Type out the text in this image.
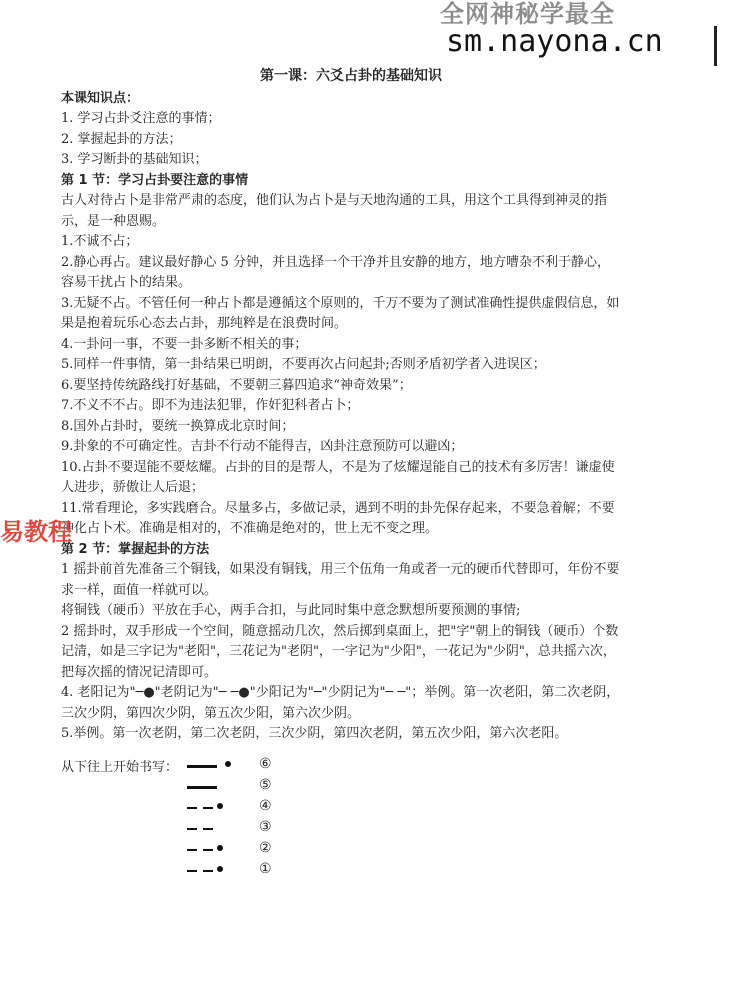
全网神秘学最全
sm.nayona.cn
第一课：六爻占卦的基础知识
本课知识点：

1. 学习占卦爻注意的事情；

2. 掌握起卦的方法；

3. 学习断卦的基础知识；

第 1 节：学习占卦要注意的事情

古人对待占卜是非常严肃的态度，他们认为占卜是与天地沟通的工具，用这个工具得到神灵的指示，是一种恩赐。

1.不诚不占；

2.静心再占。建议最好静心 5 分钟，并且选择一个干净并且安静的地方，地方嘈杂不利于静心，容易干扰占卜的结果。

3.无疑不占。不管任何一种占卜都是遵循这个原则的，千万不要为了测试准确性提供虚假信息，如果是抱着玩乐心态去占卦，那纯粹是在浪费时间。

4.一卦问一事，不要一卦多断不相关的事；

5.同样一件事情，第一卦结果已明朗，不要再次占问起卦;否则矛盾初学者入进误区；

6.要坚持传统路线打好基础，不要朝三暮四追求“神奇效果”；

7.不义不不占。即不为违法犯罪，作奸犯科者占卜；

8.国外占卦时，要统一换算成北京时间；

9.卦象的不可确定性。吉卦不行动不能得吉，凶卦注意预防可以避凶；

10.占卦不要逞能不要炫耀。占卦的目的是帮人，不是为了炫耀逞能自己的技术有多厉害！谦虚使人进步，骄傲让人后退；

11.常看理论，多实践磨合。尽量多占，多做记录，遇到不明的卦先保存起来，不要急着解；不要神化占卜术。准确是相对的，不准确是绝对的，世上无不变之理。

第 2 节：掌握起卦的方法

1 摇卦前首先准备三个铜钱，如果没有铜钱，用三个伍角一角或者一元的硬币代替即可，年份不要求一样，面值一样就可以。

将铜钱（硬币）平放在手心，两手合扣，与此同时集中意念默想所要预测的事情;

2 摇卦时，双手形成一个空间，随意摇动几次，然后掷到桌面上，把"字"朝上的铜钱（硬币）个数记清，如是三字记为"老阳"，三花记为"老阴"，一字记为"少阳"，一花记为"少阴"，总共摇六次，把每次摇的情况记清即可。

4. 老阳记为"─●"老阴记为"─ ─●"少阳记为"─"少阴记为"─ ─"；举例。第一次老阳，第二次老阴，三次少阴，第四次少阴，第五次少阳，第六次少阴。

5.举例。第一次老阴，第二次老阴，三次少阴，第四次老阴，第五次少阳，第六次老阳。

易教程
从下往上开始书写：	⑥
⑤
④
③
②
①
